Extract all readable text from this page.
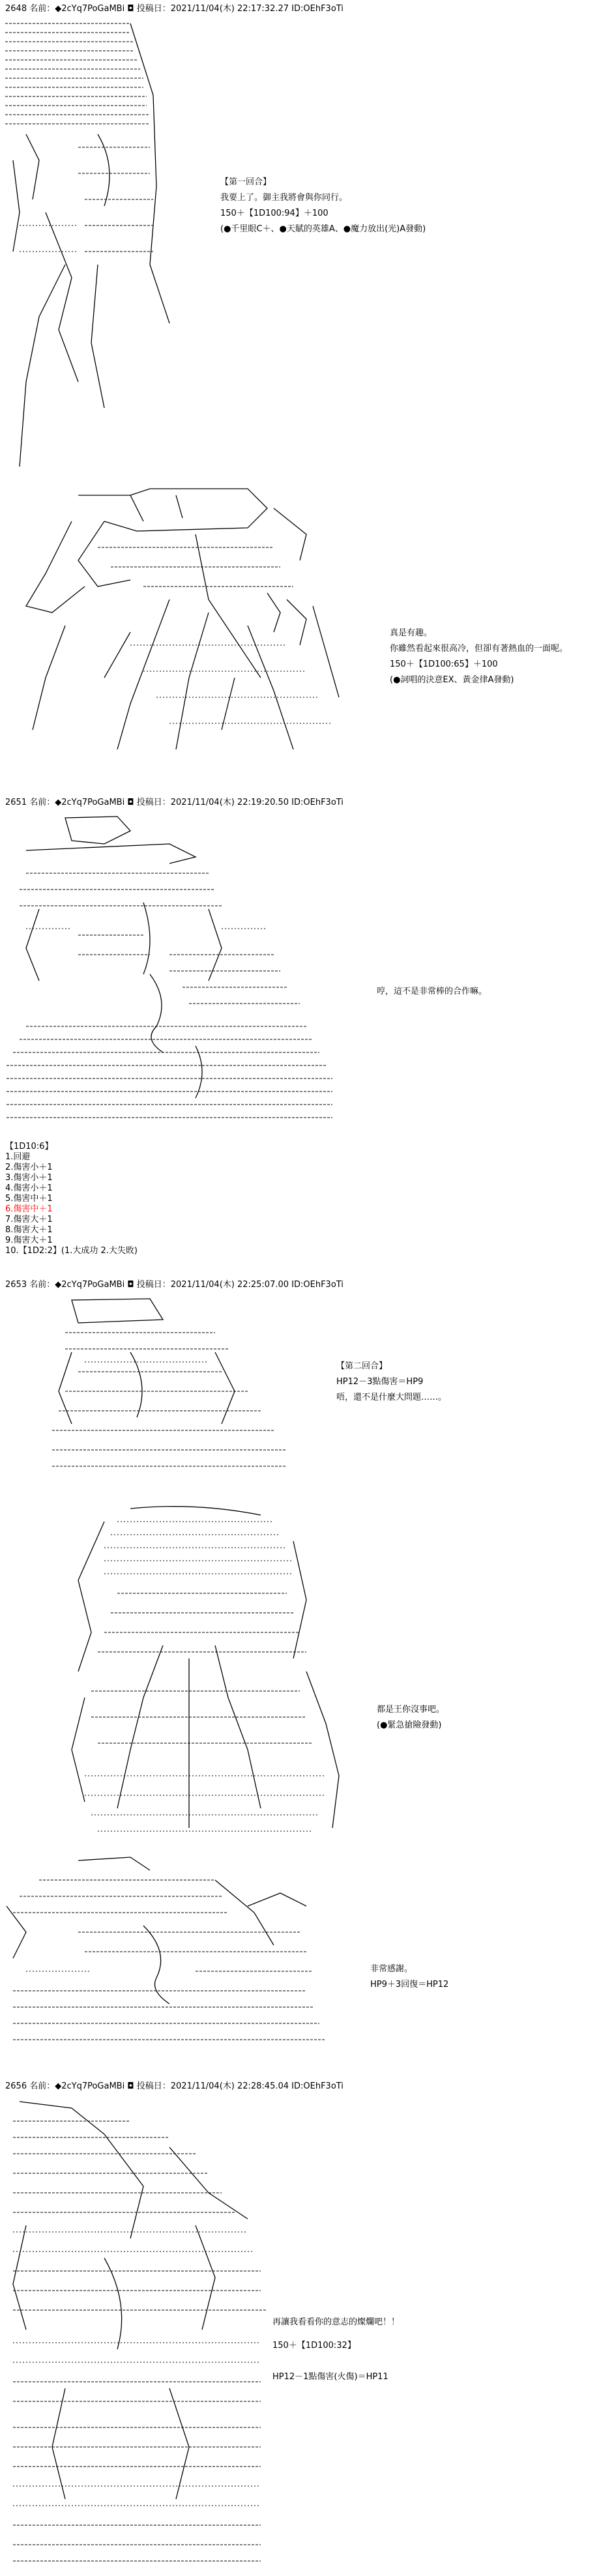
2648 名前：◆2cYq7PoGaMBi ◘ 投稿日：2021/11/04(木) 22:17:32.27 ID:OEhF3oTi
【第一回合】
我要上了。御主我將會與你同行。
150＋【1D100:94】＋100
(●千里眼C＋、●天賦的英雄A、●魔力放出(光)A發動)
真是有趣。
你雖然看起來很高冷，但卻有著熱血的一面呢。
150＋【1D100:65】＋100
(●詞唱的決意EX、黃金律A發動)
2651 名前：◆2cYq7PoGaMBi ◘ 投稿日：2021/11/04(木) 22:19:20.50 ID:OEhF3oTi
哼，這不是非常棒的合作嘛。
【1D10:6】
1.回避
2.傷害小＋1
3.傷害小＋1
4.傷害小＋1
5.傷害中＋1
6.傷害中＋1
7.傷害大＋1
8.傷害大＋1
9.傷害大＋1
10.【1D2:2】(1.大成功 2.大失敗)
2653 名前：◆2cYq7PoGaMBi ◘ 投稿日：2021/11/04(木) 22:25:07.00 ID:OEhF3oTi
【第二回合】
HP12－3點傷害＝HP9
唔，還不是什麼大問題……。
都是王你沒事吧。
(●緊急搶險發動)
非常感謝。
HP9＋3回復＝HP12
2656 名前：◆2cYq7PoGaMBi ◘ 投稿日：2021/11/04(木) 22:28:45.04 ID:OEhF3oTi
再讓我看看你的意志的燦爛吧！！
150＋【1D100:32】
HP12－1點傷害(火傷)＝HP11
